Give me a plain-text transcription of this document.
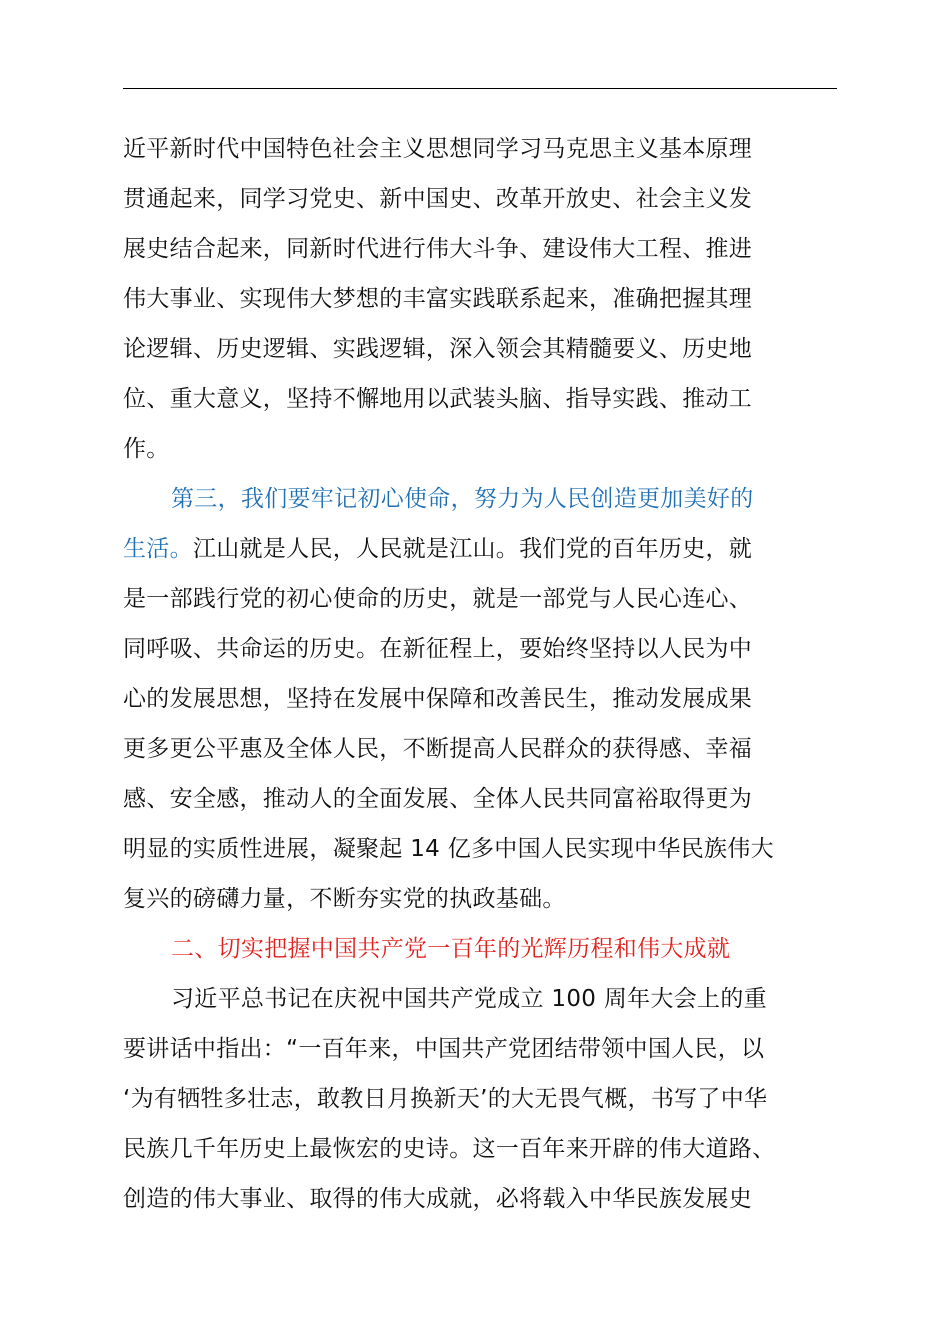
近平新时代中国特色社会主义思想同学习马克思主义基本原理
贯通起来，同学习党史、新中国史、改革开放史、社会主义发
展史结合起来，同新时代进行伟大斗争、建设伟大工程、推进
伟大事业、实现伟大梦想的丰富实践联系起来，准确把握其理
论逻辑、历史逻辑、实践逻辑，深入领会其精髓要义、历史地
位、重大意义，坚持不懈地用以武装头脑、指导实践、推动工
作。
第三，我们要牢记初心使命，努力为人民创造更加美好的
生活。江山就是人民，人民就是江山。我们党的百年历史，就
是一部践行党的初心使命的历史，就是一部党与人民心连心、
同呼吸、共命运的历史。在新征程上，要始终坚持以人民为中
心的发展思想，坚持在发展中保障和改善民生，推动发展成果
更多更公平惠及全体人民，不断提高人民群众的获得感、幸福
感、安全感，推动人的全面发展、全体人民共同富裕取得更为
明显的实质性进展，凝聚起 14 亿多中国人民实现中华民族伟大
复兴的磅礴力量，不断夯实党的执政基础。
二、切实把握中国共产党一百年的光辉历程和伟大成就
习近平总书记在庆祝中国共产党成立 100 周年大会上的重
要讲话中指出：“一百年来，中国共产党团结带领中国人民，以
‘为有牺牲多壮志，敢教日月换新天’的大无畏气概，书写了中华
民族几千年历史上最恢宏的史诗。这一百年来开辟的伟大道路、
创造的伟大事业、取得的伟大成就，必将载入中华民族发展史
